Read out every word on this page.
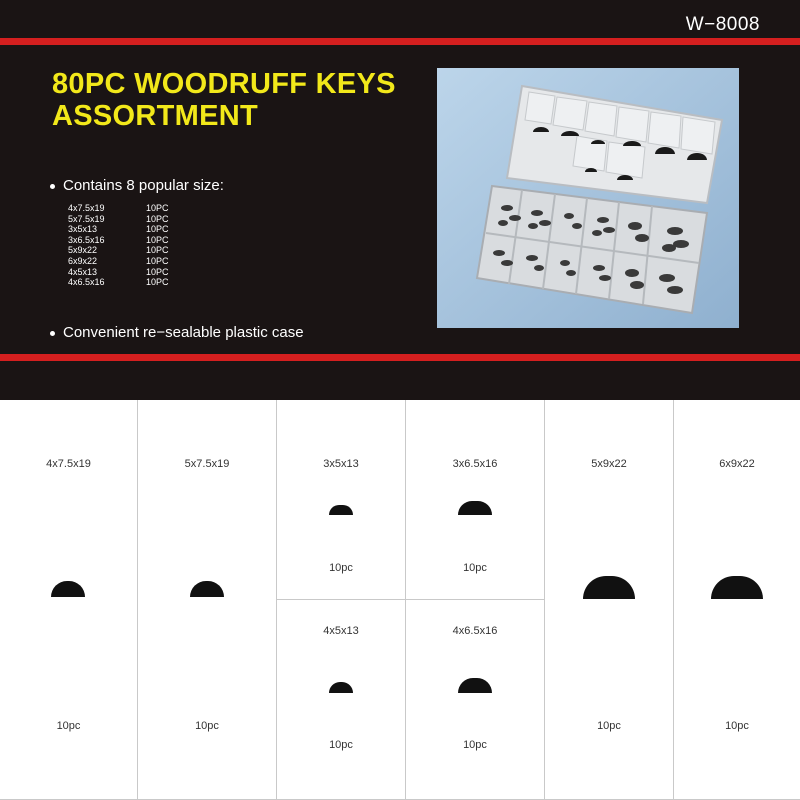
W−8008
80PC WOODRUFF KEYS
ASSORTMENT
Contains 8 popular size:
4x7.5x19	10PC
5x7.5x19	10PC
3x5x13	10PC
3x6.5x16	10PC
5x9x22	10PC
6x9x22	10PC
4x5x13	10PC
4x6.5x16	10PC
Convenient re−sealable plastic case
4x7.5x19
10pc
5x7.5x19
10pc
3x5x13
10pc
3x6.5x16
10pc
4x5x13
10pc
4x6.5x16
10pc
5x9x22
10pc
6x9x22
10pc
